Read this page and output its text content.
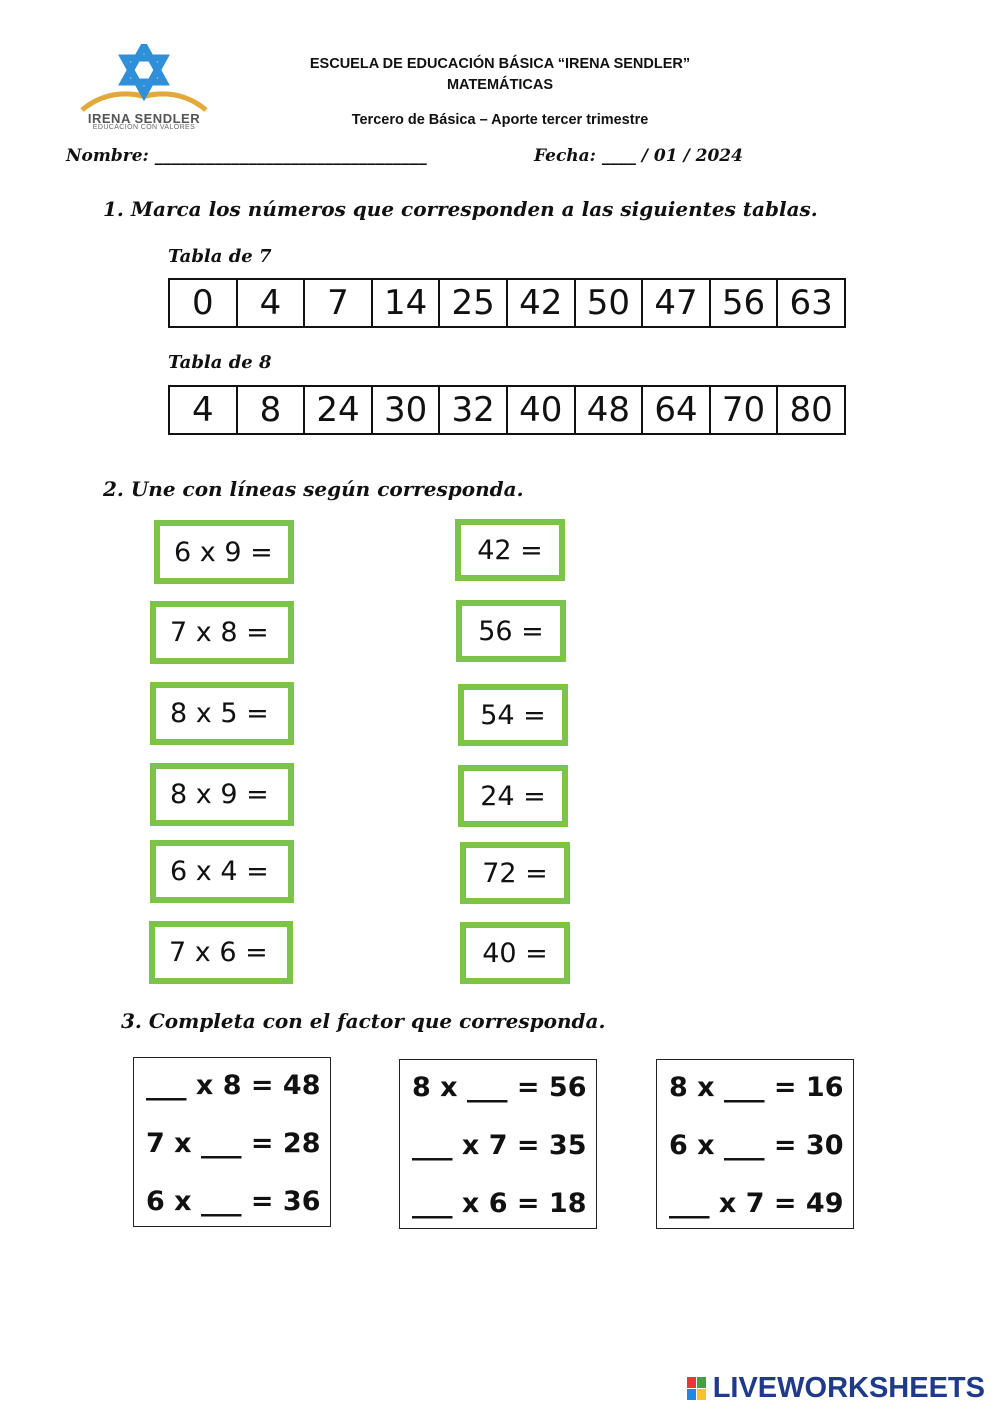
IRENA SENDLER
EDUCACIÓN CON VALORES
ESCUELA DE EDUCACIÓN BÁSICA “IRENA SENDLER”
MATEMÁTICAS
Tercero de Básica – Aporte tercer trimestre
Nombre: ________________________________	Fecha: ____ / 01 / 2024
1. Marca los números que corresponden a las siguientes tablas.
Tabla de 7
0	4	7	14 25 42 50 47 56 63
Tabla de 8
4	8	24 30 32 40 48 64 70 80
2. Une con líneas según corresponda.
6 x 9 =
7 x 8 =
8 x 5 =
8 x 9 =
6 x 4 =
7 x 6 =
42 =
56 =
54 =
24 =
72 =
40 =
3. Completa con el factor que corresponda.
___ x 8 = 48
7 x ___ = 28
6 x ___ = 36
8 x ___ = 56
___ x 7 = 35
___ x 6 = 18
8 x ___ = 16
6 x ___ = 30
___ x 7 = 49
LIVEWORKSHEETS
